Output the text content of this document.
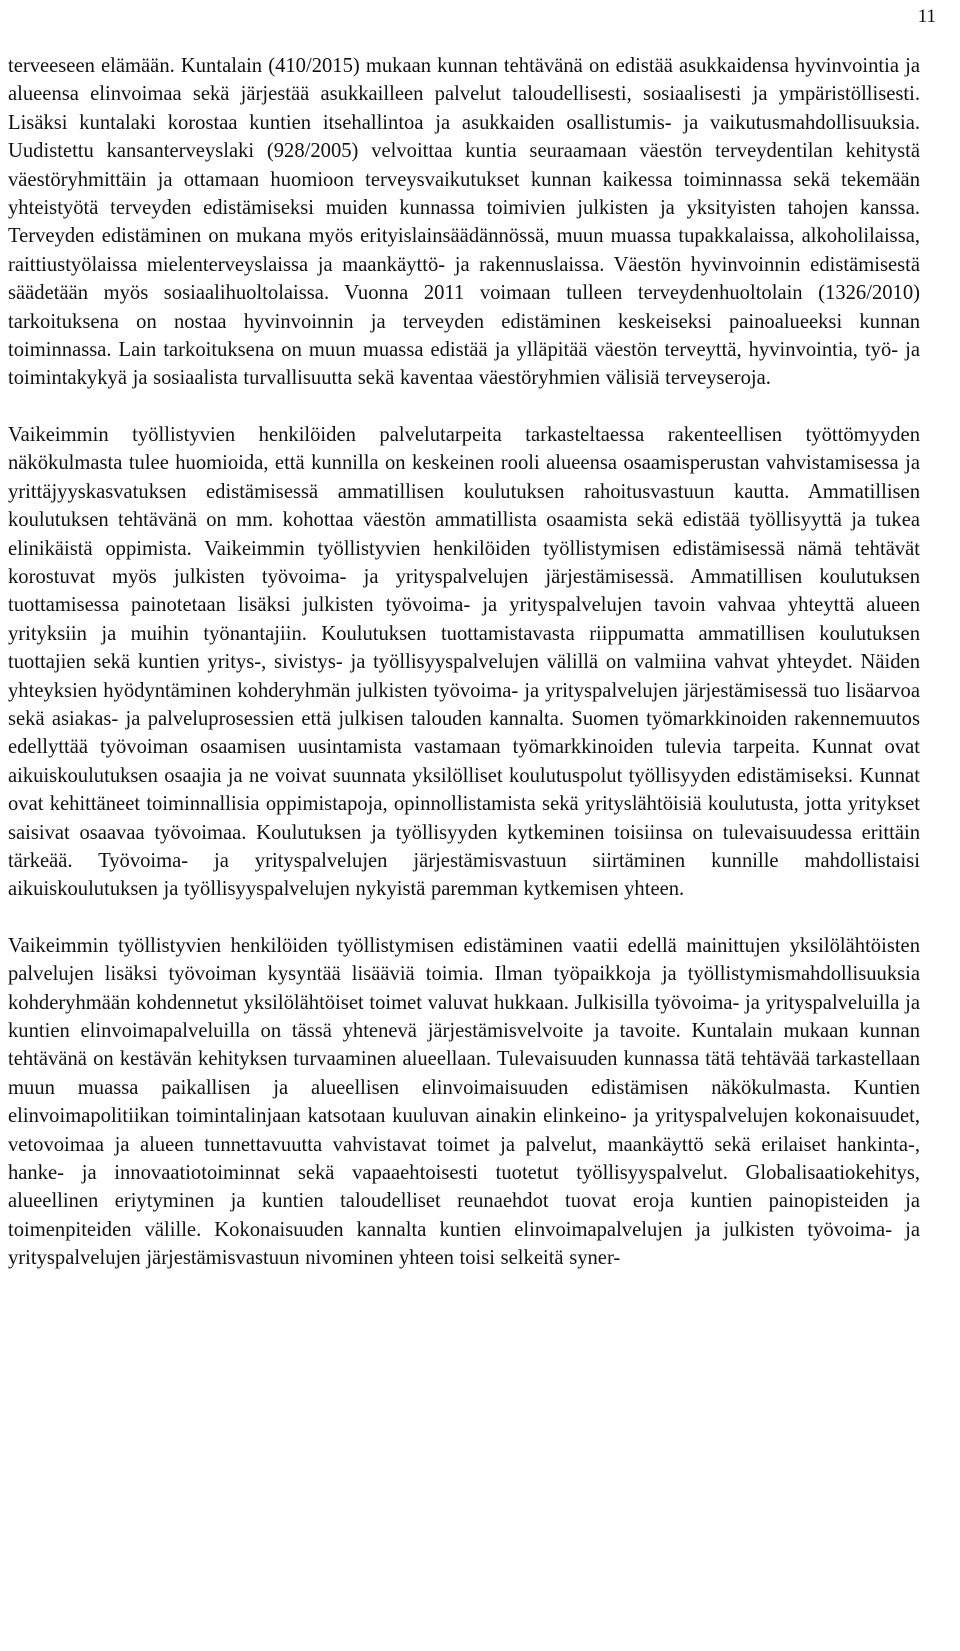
11

terveeseen elämään. Kuntalain (410/2015) mukaan kunnan tehtävänä on edistää asukkaidensa hyvinvointia ja alueensa elinvoimaa sekä järjestää asukkailleen palvelut taloudellisesti, sosiaalisesti ja ympäristöllisesti. Lisäksi kuntalaki korostaa kuntien itsehallintoa ja asukkaiden osallistumis- ja vaikutusmahdollisuuksia. Uudistettu kansanterveyslaki (928/2005) velvoittaa kuntia seuraamaan väestön terveydentilan kehitystä väestöryhmittäin ja ottamaan huomioon terveysvaikutukset kunnan kaikessa toiminnassa sekä tekemään yhteistyötä terveyden edistämiseksi muiden kunnassa toimivien julkisten ja yksityisten tahojen kanssa. Terveyden edistäminen on mukana myös erityislainsäädännössä, muun muassa tupakkalaissa, alkoholilaissa, raittiustyölaissa mielenterveyslaissa ja maankäyttö- ja rakennuslaissa. Väestön hyvinvoinnin edistämisestä säädetään myös sosiaalihuoltolaissa. Vuonna 2011 voimaan tulleen terveydenhuoltolain (1326/2010) tarkoituksena on nostaa hyvinvoinnin ja terveyden edistäminen keskeiseksi painoalueeksi kunnan toiminnassa. Lain tarkoituksena on muun muassa edistää ja ylläpitää väestön terveyttä, hyvinvointia, työ- ja toimintakykyä ja sosiaalista turvallisuutta sekä kaventaa väestöryhmien välisiä terveyseroja.

Vaikeimmin työllistyvien henkilöiden palvelutarpeita tarkasteltaessa rakenteellisen työttömyyden näkökulmasta tulee huomioida, että kunnilla on keskeinen rooli alueensa osaamisperustan vahvistamisessa ja yrittäjyyskasvatuksen edistämisessä ammatillisen koulutuksen rahoitusvastuun kautta. Ammatillisen koulutuksen tehtävänä on mm. kohottaa väestön ammatillista osaamista sekä edistää työllisyyttä ja tukea elinikäistä oppimista. Vaikeimmin työllistyvien henkilöiden työllistymisen edistämisessä nämä tehtävät korostuvat myös julkisten työvoima- ja yrityspalvelujen järjestämisessä. Ammatillisen koulutuksen tuottamisessa painotetaan lisäksi julkisten työvoima- ja yrityspalvelujen tavoin vahvaa yhteyttä alueen yrityksiin ja muihin työnantajiin. Koulutuksen tuottamistavasta riippumatta ammatillisen koulutuksen tuottajien sekä kuntien yritys-, sivistys- ja työllisyyspalvelujen välillä on valmiina vahvat yhteydet. Näiden yhteyksien hyödyntäminen kohderyhmän julkisten työvoima- ja yrityspalvelujen järjestämisessä tuo lisäarvoa sekä asiakas- ja palveluprosessien että julkisen talouden kannalta. Suomen työmarkkinoiden rakennemuutos edellyttää työvoiman osaamisen uusintamista vastamaan työmarkkinoiden tulevia tarpeita. Kunnat ovat aikuiskoulutuksen osaajia ja ne voivat suunnata yksilölliset koulutuspolut työllisyyden edistämiseksi. Kunnat ovat kehittäneet toiminnallisia oppimistapoja, opinnollistamista sekä yrityslähtöisiä koulutusta, jotta yritykset saisivat osaavaa työvoimaa. Koulutuksen ja työllisyyden kytkeminen toisiinsa on tulevaisuudessa erittäin tärkeää. Työvoima- ja yrityspalvelujen järjestämisvastuun siirtäminen kunnille mahdollistaisi aikuiskoulutuksen ja työllisyyspalvelujen nykyistä paremman kytkemisen yhteen.

Vaikeimmin työllistyvien henkilöiden työllistymisen edistäminen vaatii edellä mainittujen yksilölähtöisten palvelujen lisäksi työvoiman kysyntää lisääviä toimia. Ilman työpaikkoja ja työllistymismahdollisuuksia kohderyhmään kohdennetut yksilölähtöiset toimet valuvat hukkaan. Julkisilla työvoima- ja yrityspalveluilla ja kuntien elinvoimapalveluilla on tässä yhtenevä järjestämisvelvoite ja tavoite. Kuntalain mukaan kunnan tehtävänä on kestävän kehityksen turvaaminen alueellaan. Tulevaisuuden kunnassa tätä tehtävää tarkastellaan muun muassa paikallisen ja alueellisen elinvoimaisuuden edistämisen näkökulmasta. Kuntien elinvoimapolitiikan toimintalinjaan katsotaan kuuluvan ainakin elinkeino- ja yrityspalvelujen kokonaisuudet, vetovoimaa ja alueen tunnettavuutta vahvistavat toimet ja palvelut, maankäyttö sekä erilaiset hankinta-, hanke- ja innovaatiotoiminnat sekä vapaaehtoisesti tuotetut työllisyyspalvelut. Globalisaatiokehitys, alueellinen eriytyminen ja kuntien taloudelliset reunaehdot tuovat eroja kuntien painopisteiden ja toimenpiteiden välille. Kokonaisuuden kannalta kuntien elinvoimapalvelujen ja julkisten työvoima- ja yrityspalvelujen järjestämisvastuun nivominen yhteen toisi selkeitä syner-
